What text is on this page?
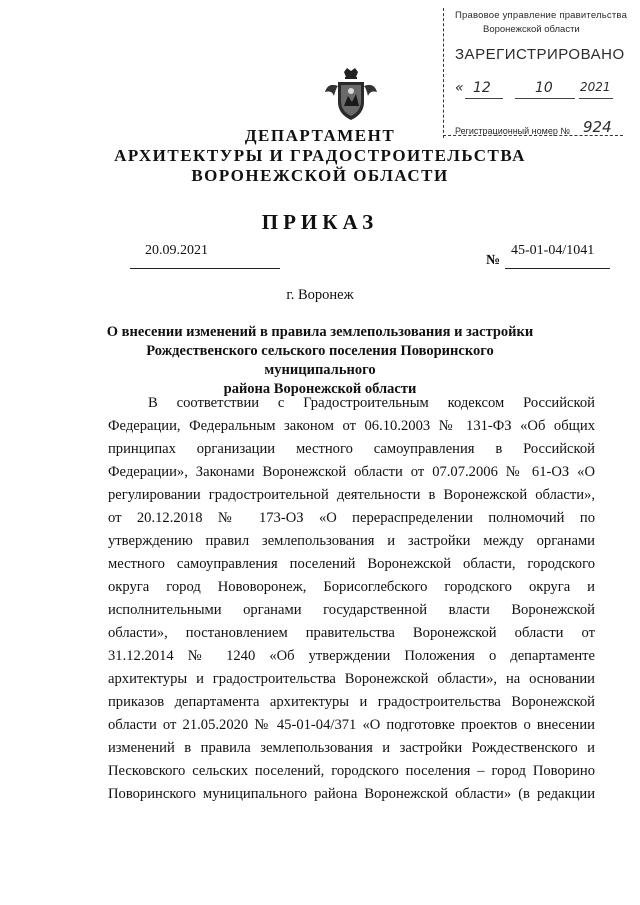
Правовое управление правительства
Воронежской области
ЗАРЕГИСТРИРОВАНО
« 12	10 2021
Регистрационный номер № 924
ДЕПАРТАМЕНТ
АРХИТЕКТУРЫ И ГРАДОСТРОИТЕЛЬСТВА
ВОРОНЕЖСКОЙ ОБЛАСТИ
ПРИКАЗ
20.09.2021
№
45-01-04/1041
г. Воронеж
О внесении изменений в правила землепользования и застройки
Рождественского сельского поселения Поворинского муниципального
района Воронежской области
В соответствии с Градостроительным кодексом Российской
Федерации, Федеральным законом от 06.10.2003 № 131-ФЗ «Об общих
принципах организации местного самоуправления в Российской
Федерации», Законами Воронежской области от 07.07.2006 № 61-ОЗ «О
регулировании градостроительной деятельности в Воронежской области»,
от 20.12.2018 № 173-ОЗ «О перераспределении полномочий по
утверждению правил землепользования и застройки между органами
местного самоуправления поселений Воронежской области, городского
округа город Нововоронеж, Борисоглебского городского округа и
исполнительными органами государственной власти Воронежской
области», постановлением правительства Воронежской области от
31.12.2014 № 1240 «Об утверждении Положения о департаменте
архитектуры и градостроительства Воронежской области», на основании
приказов департамента архитектуры и градостроительства Воронежской
области от 21.05.2020 № 45-01-04/371 «О подготовке проектов о внесении
изменений в правила землепользования и застройки Рождественского и
Песковского сельских поселений, городского поселения – город Поворино
Поворинского муниципального района Воронежской области» (в редакции
